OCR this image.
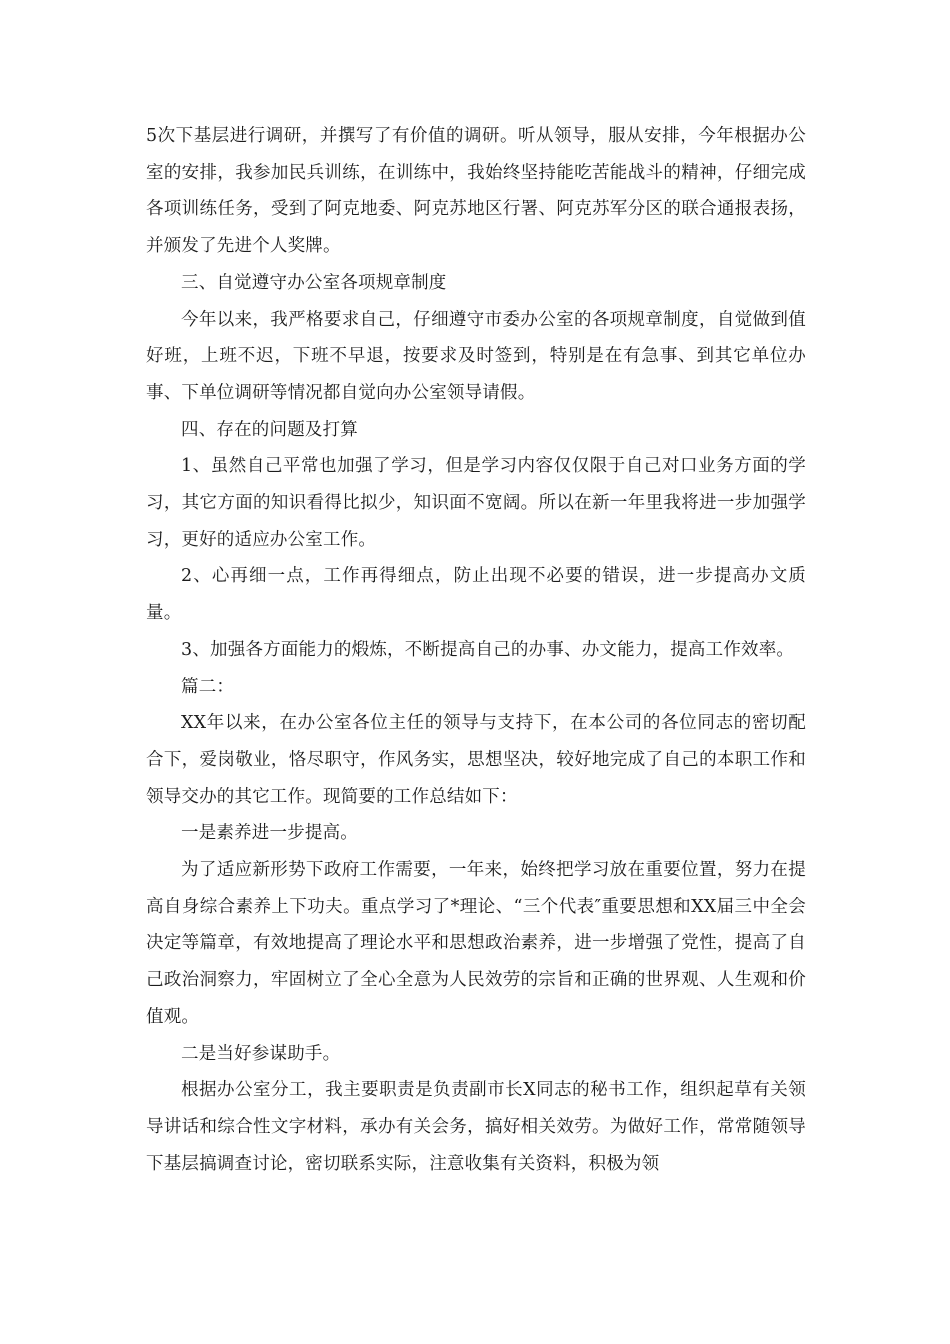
5次下基层进行调研，并撰写了有价值的调研。听从领导，服从安排，今年根据办公室的安排，我参加民兵训练，在训练中，我始终坚持能吃苦能战斗的精神，仔细完成各项训练任务，受到了阿克地委、阿克苏地区行署、阿克苏军分区的联合通报表扬，并颁发了先进个人奖牌。

三、自觉遵守办公室各项规章制度

今年以来，我严格要求自己，仔细遵守市委办公室的各项规章制度，自觉做到值好班，上班不迟，下班不早退，按要求及时签到，特别是在有急事、到其它单位办事、下单位调研等情况都自觉向办公室领导请假。

四、存在的问题及打算

1、虽然自己平常也加强了学习，但是学习内容仅仅限于自己对口业务方面的学习，其它方面的知识看得比拟少，知识面不宽阔。所以在新一年里我将进一步加强学习，更好的适应办公室工作。

2、心再细一点，工作再得细点，防止出现不必要的错误，进一步提高办文质量。

3、加强各方面能力的煅炼，不断提高自己的办事、办文能力，提高工作效率。

篇二：

XX年以来，在办公室各位主任的领导与支持下，在本公司的各位同志的密切配合下，爱岗敬业，恪尽职守，作风务实，思想坚决，较好地完成了自己的本职工作和领导交办的其它工作。现简要的工作总结如下：

一是素养进一步提高。

为了适应新形势下政府工作需要，一年来，始终把学习放在重要位置，努力在提高自身综合素养上下功夫。重点学习了*理论、“三个代表″重要思想和XX届三中全会决定等篇章，有效地提高了理论水平和思想政治素养，进一步增强了党性，提高了自己政治洞察力，牢固树立了全心全意为人民效劳的宗旨和正确的世界观、人生观和价值观。

二是当好参谋助手。

根据办公室分工，我主要职责是负责副市长X同志的秘书工作，组织起草有关领导讲话和综合性文字材料，承办有关会务，搞好相关效劳。为做好工作，常常随领导下基层搞调查讨论，密切联系实际，注意收集有关资料，积极为领
